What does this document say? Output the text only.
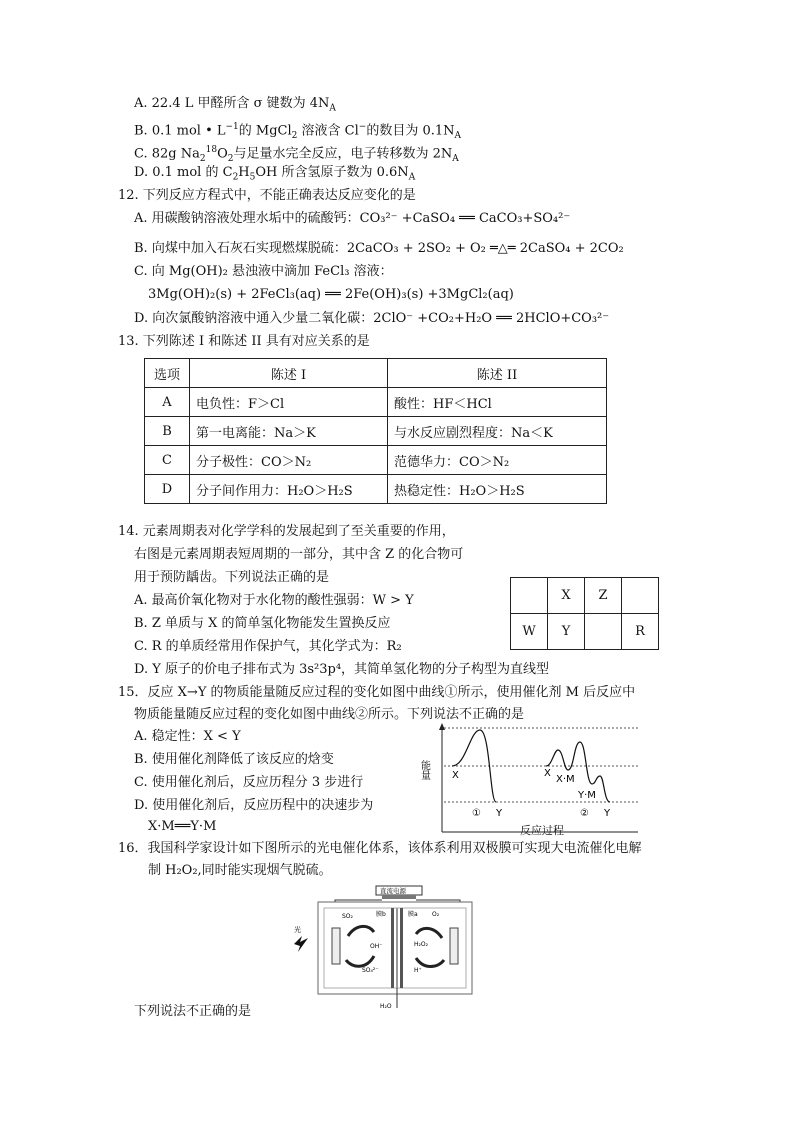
A. 22.4 L 甲醛所含 σ 键数为 $4N_A$
B. 0.1 mol • $L^{-1}$的 MgCl$_2$ 溶液含 Cl−的数目为 $0.1N_A$
C. 82g $Na_2^{18}O_2$与足量水完全反应，电子转移数为 $2N_A$
D. 0.1 mol 的 $C_2H_5OH$ 所含氢原子数为 $0.6N_A$
12. 下列反应方程式中，不能正确表达反应变化的是
A. 用碳酸钠溶液处理水垢中的硫酸钙：CO₃²⁻ +CaSO₄ ══ CaCO₃+SO₄²⁻
B. 向煤中加入石灰石实现燃煤脱硫：2CaCO₃ + 2SO₂ + O₂ ═△═ 2CaSO₄ + 2CO₂
C. 向 Mg(OH)₂ 悬浊液中滴加 FeCl₃ 溶液：
3Mg(OH)₂(s) + 2FeCl₃(aq) ══ 2Fe(OH)₃(s) +3MgCl₂(aq)
D. 向次氯酸钠溶液中通入少量二氧化碳：2ClO⁻ +CO₂+H₂O ══ 2HClO+CO₃²⁻
13. 下列陈述 I 和陈述 II 具有对应关系的是
选项	陈述 I	陈述 II
A	电负性：F＞Cl	酸性：HF＜HCl
B	第一电离能：Na＞K	与水反应剧烈程度：Na＜K
C	分子极性：CO＞N₂	范德华力：CO＞N₂
D	分子间作用力：H₂O＞H₂S	热稳定性：H₂O＞H₂S
14. 元素周期表对化学学科的发展起到了至关重要的作用，
右图是元素周期表短周期的一部分，其中含 Z 的化合物可
用于预防龋齿。下列说法正确的是
A. 最高价氧化物对于水化物的酸性强弱：W > Y
B. Z 单质与 X 的简单氢化物能发生置换反应
C. R 的单质经常用作保护气，其化学式为：R₂
D. Y 原子的价电子排布式为 3s²3p⁴，其简单氢化物的分子构型为直线型
	X	Z	
W	Y		R
15．反应 X→Y 的物质能量随反应过程的变化如图中曲线①所示，使用催化剂 M 后反应中
物质能量随反应过程的变化如图中曲线②所示。下列说法不正确的是
A. 稳定性：X < Y
B. 使用催化剂降低了该反应的焓变
C. 使用催化剂后，反应历程分 3 步进行
D. 使用催化剂后，反应历程中的决速步为
X·M══Y·M
能量 X
Y
①
X
X·M
Y·M
Y
②
反应过程
16．我国科学家设计如下图所示的光电催化体系，该体系利用双极膜可实现大电流催化电解
制 H₂O₂,同时能实现烟气脱硫。
直流电源
光
SO₂	膜b	膜a O₂
OH⁻
SO₄²⁻
H₂O₂
H⁺
H₂O
下列说法不正确的是
